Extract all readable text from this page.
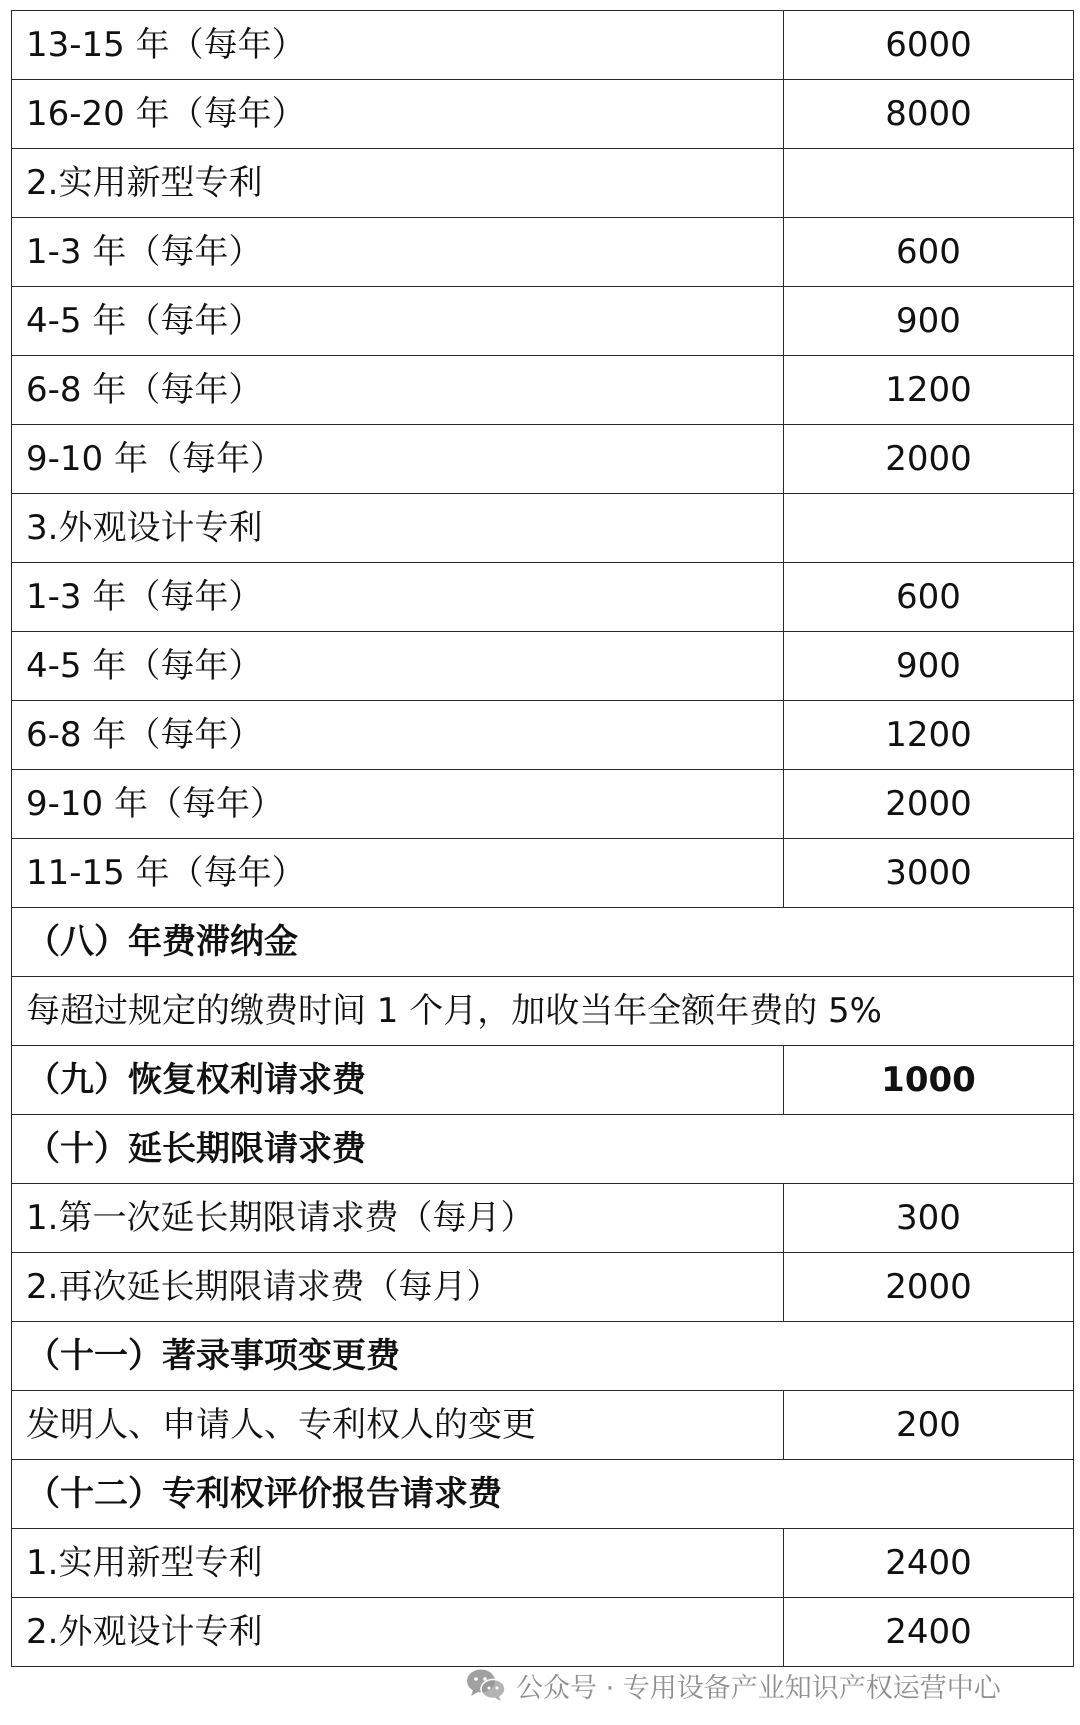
13-15 年（每年）	6000
16-20 年（每年）	8000
2.实用新型专利	
1-3 年（每年）	600
4-5 年（每年）	900
6-8 年（每年）	1200
9-10 年（每年）	2000
3.外观设计专利	
1-3 年（每年）	600
4-5 年（每年）	900
6-8 年（每年）	1200
9-10 年（每年）	2000
11-15 年（每年）	3000
（八）年费滞纳金	
每超过规定的缴费时间 1 个月，加收当年全额年费的 5%	
（九）恢复权利请求费	1000
（十）延长期限请求费	
1.第一次延长期限请求费（每月）	300
2.再次延长期限请求费（每月）	2000
（十一）著录事项变更费	
发明人、申请人、专利权人的变更	200
（十二）专利权评价报告请求费	
1.实用新型专利	2400
2.外观设计专利	2400
公众号 · 专用设备产业知识产权运营中心
